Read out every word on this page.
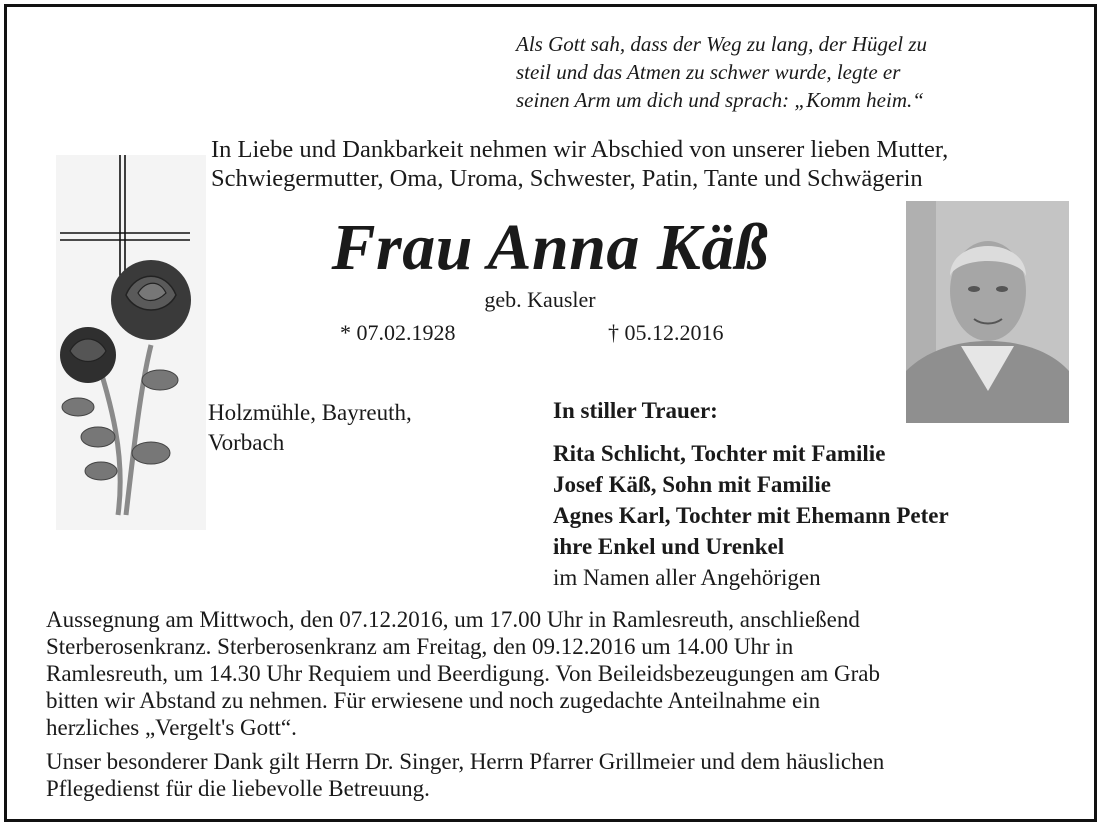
Als Gott sah, dass der Weg zu lang, der Hügel zu
steil und das Atmen zu schwer wurde, legte er
seinen Arm um dich und sprach: „Komm heim.“
In Liebe und Dankbarkeit nehmen wir Abschied von unserer lieben Mutter,
Schwiegermutter, Oma, Uroma, Schwester, Patin, Tante und Schwägerin
Frau Anna Käß
geb. Kausler
* 07.02.1928	† 05.12.2016
Holzmühle, Bayreuth,
Vorbach
In stiller Trauer:
Rita Schlicht, Tochter mit Familie
Josef Käß, Sohn mit Familie
Agnes Karl, Tochter mit Ehemann Peter
ihre Enkel und Urenkel
im Namen aller Angehörigen
Aussegnung am Mittwoch, den 07.12.2016, um 17.00 Uhr in Ramlesreuth, anschließend
Sterberosenkranz. Sterberosenkranz am Freitag, den 09.12.2016 um 14.00 Uhr in
Ramlesreuth, um 14.30 Uhr Requiem und Beerdigung. Von Beileidsbezeugungen am Grab
bitten wir Abstand zu nehmen. Für erwiesene und noch zugedachte Anteilnahme ein
herzliches „Vergelt's Gott“.
Unser besonderer Dank gilt Herrn Dr. Singer, Herrn Pfarrer Grillmeier und dem häuslichen
Pflegedienst für die liebevolle Betreuung.
